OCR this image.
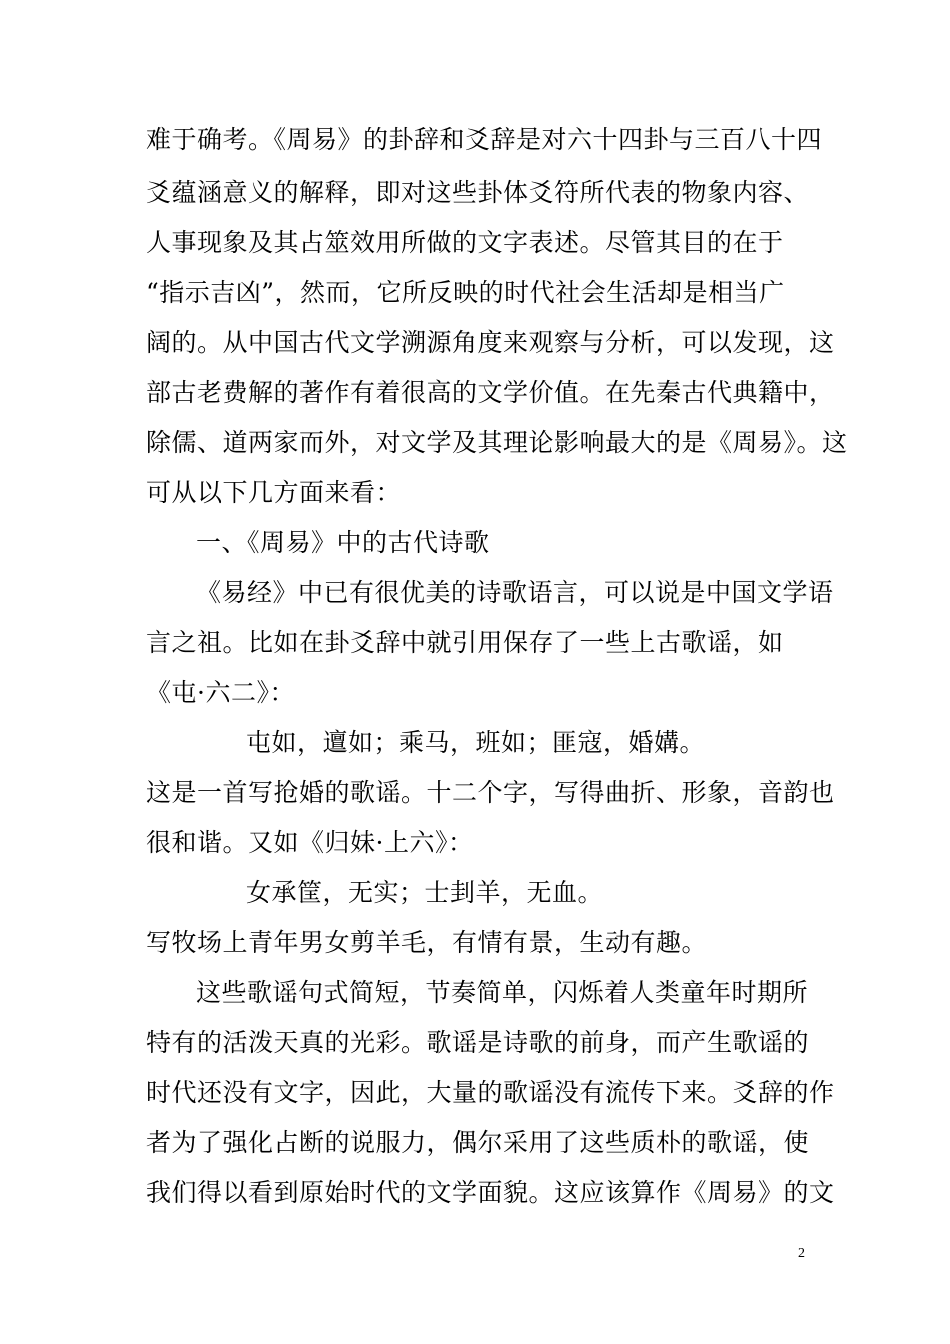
难于确考。《周易》的卦辞和爻辞是对六十四卦与三百八十四
爻蕴涵意义的解释，即对这些卦体爻符所代表的物象内容、
人事现象及其占筮效用所做的文字表述。尽管其目的在于
“指示吉凶”，然而，它所反映的时代社会生活却是相当广
阔的。从中国古代文学溯源角度来观察与分析，可以发现，这
部古老费解的著作有着很高的文学价值。在先秦古代典籍中，
除儒、道两家而外，对文学及其理论影响最大的是《周易》。这
可从以下几方面来看：
一、《周易》中的古代诗歌
《易经》中已有很优美的诗歌语言，可以说是中国文学语
言之祖。比如在卦爻辞中就引用保存了一些上古歌谣，如
《屯·六二》：
屯如，邅如；乘马，班如；匪寇，婚媾。
这是一首写抢婚的歌谣。十二个字，写得曲折、形象，音韵也
很和谐。又如《归妹·上六》：
女承筐，无实；士刲羊，无血。
写牧场上青年男女剪羊毛，有情有景，生动有趣。
这些歌谣句式简短，节奏简单，闪烁着人类童年时期所
特有的活泼天真的光彩。歌谣是诗歌的前身，而产生歌谣的
时代还没有文字，因此，大量的歌谣没有流传下来。爻辞的作
者为了强化占断的说服力，偶尔采用了这些质朴的歌谣，使
我们得以看到原始时代的文学面貌。这应该算作《周易》的文
2
